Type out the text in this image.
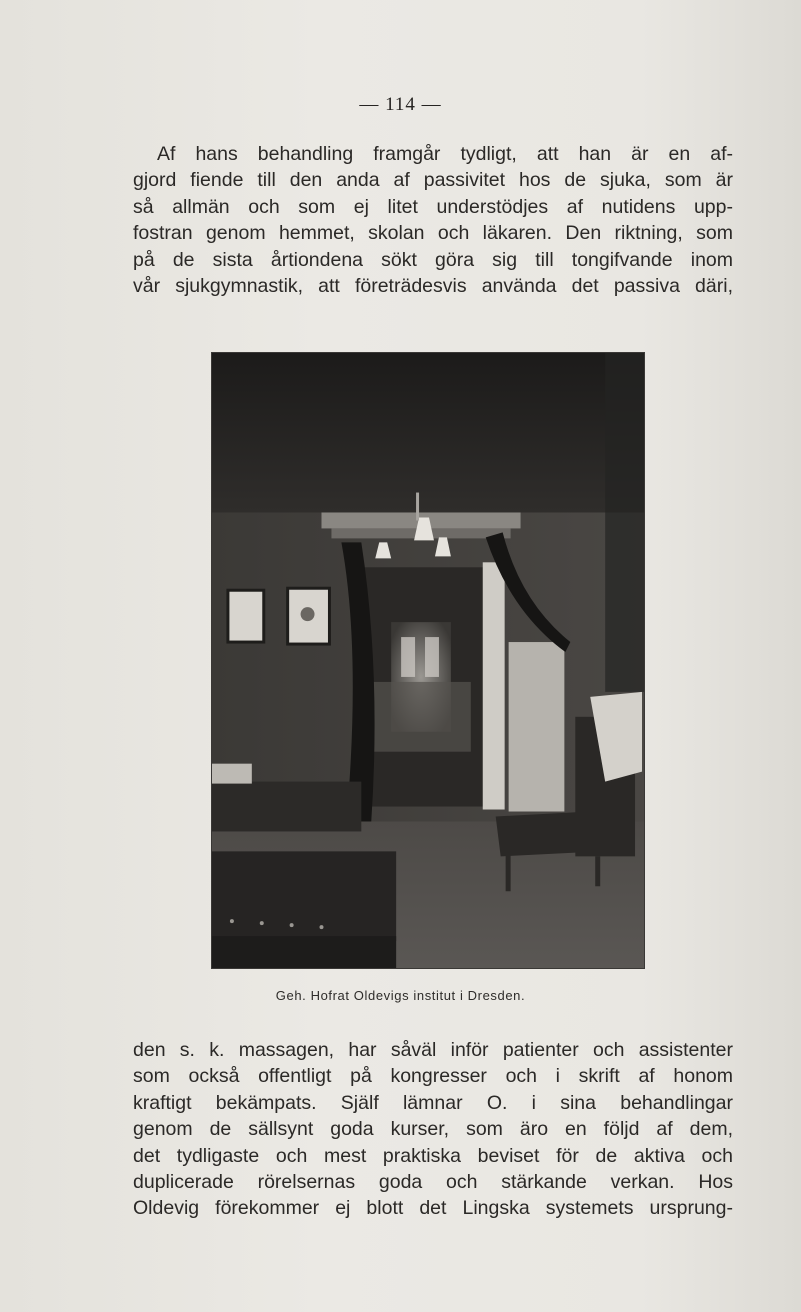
— 114 —

Af hans behandling framgår tydligt, att han är en af-
gjord fiende till den anda af passivitet hos de sjuka, som är
så allmän och som ej litet understödjes af nutidens upp-
fostran genom hemmet, skolan och läkaren. Den riktning, som
på de sista årtiondena sökt göra sig till tongifvande inom
vår sjukgymnastik, att företrädesvis använda det passiva däri,

Geh. Hofrat Oldevigs institut i Dresden.

den s. k. massagen, har såväl inför patienter och assistenter
som också offentligt på kongresser och i skrift af honom
kraftigt bekämpats. Själf lämnar O. i sina behandlingar
genom de sällsynt goda kurser, som äro en följd af dem,
det tydligaste och mest praktiska beviset för de aktiva och
duplicerade rörelsernas goda och stärkande verkan. Hos
Oldevig förekommer ej blott det Lingska systemets ursprung-
